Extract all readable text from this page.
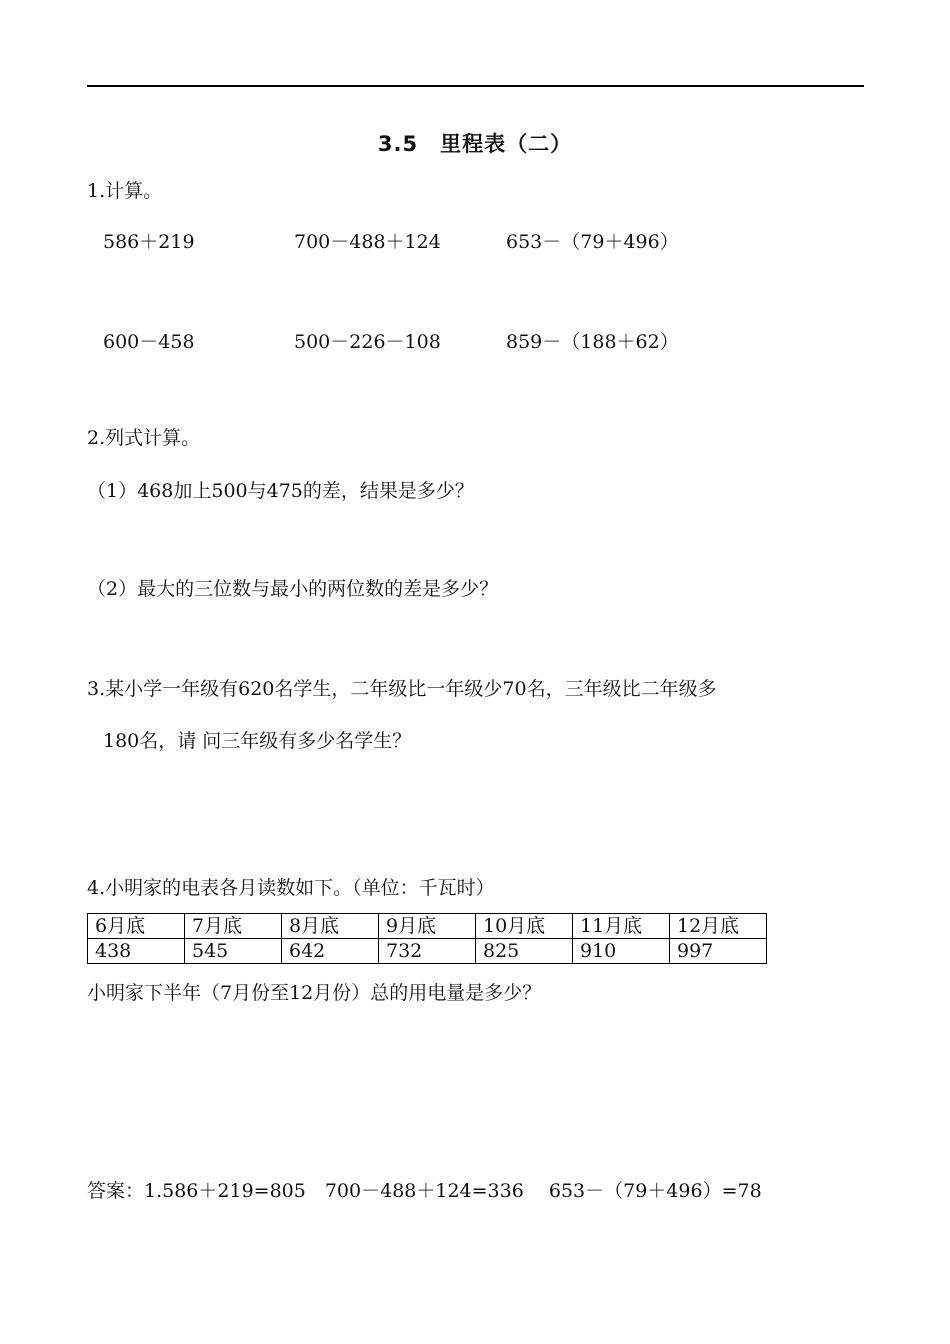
3.5　里程表（二）
1.计算。
586＋219	700－488＋124	653－（79＋496）
600－458	500－226－108	859－（188＋62）
2.列式计算。
（1）468加上500与475的差，结果是多少？
（2）最大的三位数与最小的两位数的差是多少？
3.某小学一年级有620名学生，二年级比一年级少70名，三年级比二年级多
180名，请 问三年级有多少名学生？
4.小明家的电表各月读数如下。（单位：千瓦时）
6月底	7月底	8月底	9月底	10月底	11月底	12月底
438	545	642	732	825	910	997
小明家下半年（7月份至12月份）总的用电量是多少？
答案：1.586＋219=805　700－488＋124=336　 653－（79＋496）=78
